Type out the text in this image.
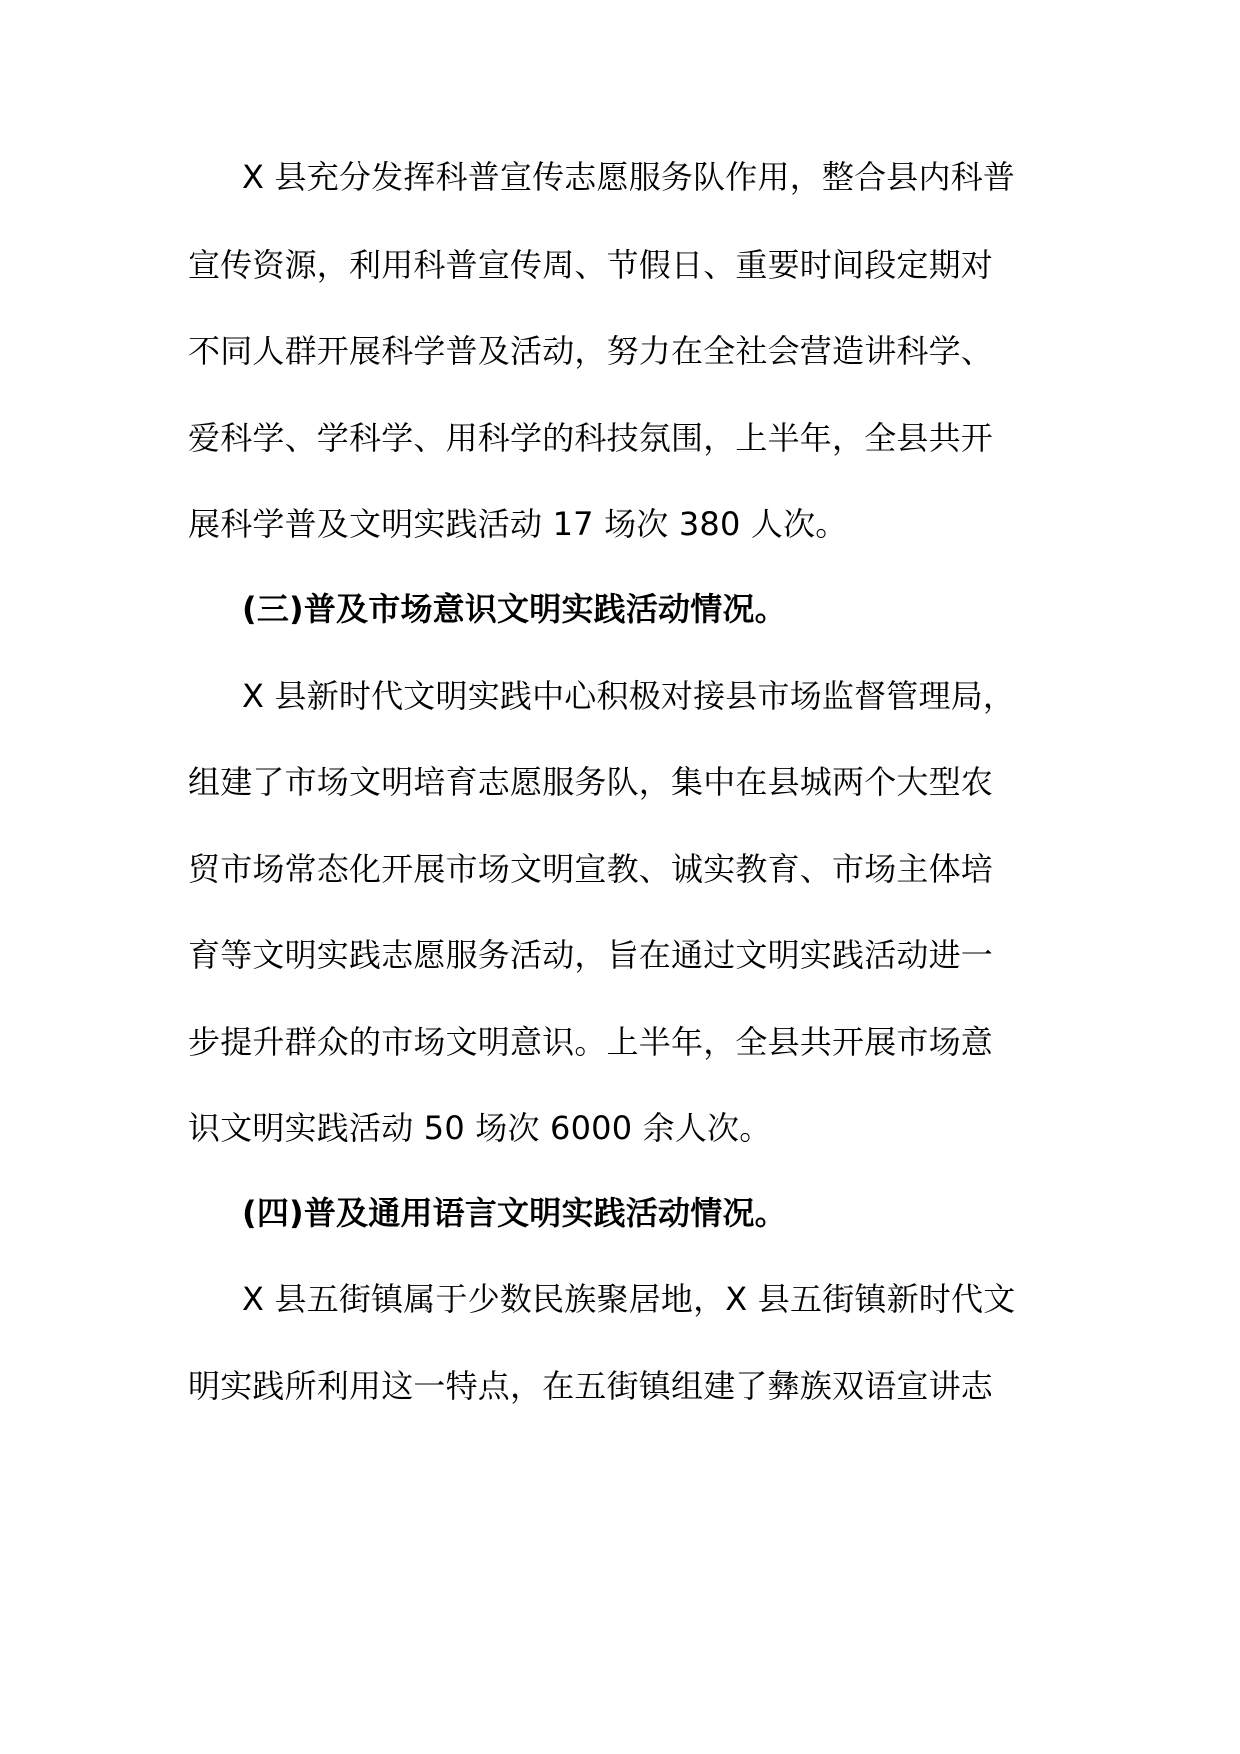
X 县充分发挥科普宣传志愿服务队作用，整合县内科普
宣传资源，利用科普宣传周、节假日、重要时间段定期对
不同人群开展科学普及活动，努力在全社会营造讲科学、
爱科学、学科学、用科学的科技氛围，上半年，全县共开
展科学普及文明实践活动 17 场次 380 人次。
(三)普及市场意识文明实践活动情况。
X 县新时代文明实践中心积极对接县市场监督管理局，
组建了市场文明培育志愿服务队，集中在县城两个大型农
贸市场常态化开展市场文明宣教、诚实教育、市场主体培
育等文明实践志愿服务活动，旨在通过文明实践活动进一
步提升群众的市场文明意识。上半年，全县共开展市场意
识文明实践活动 50 场次 6000 余人次。
(四)普及通用语言文明实践活动情况。
X 县五街镇属于少数民族聚居地，X 县五街镇新时代文
明实践所利用这一特点，在五街镇组建了彝族双语宣讲志
